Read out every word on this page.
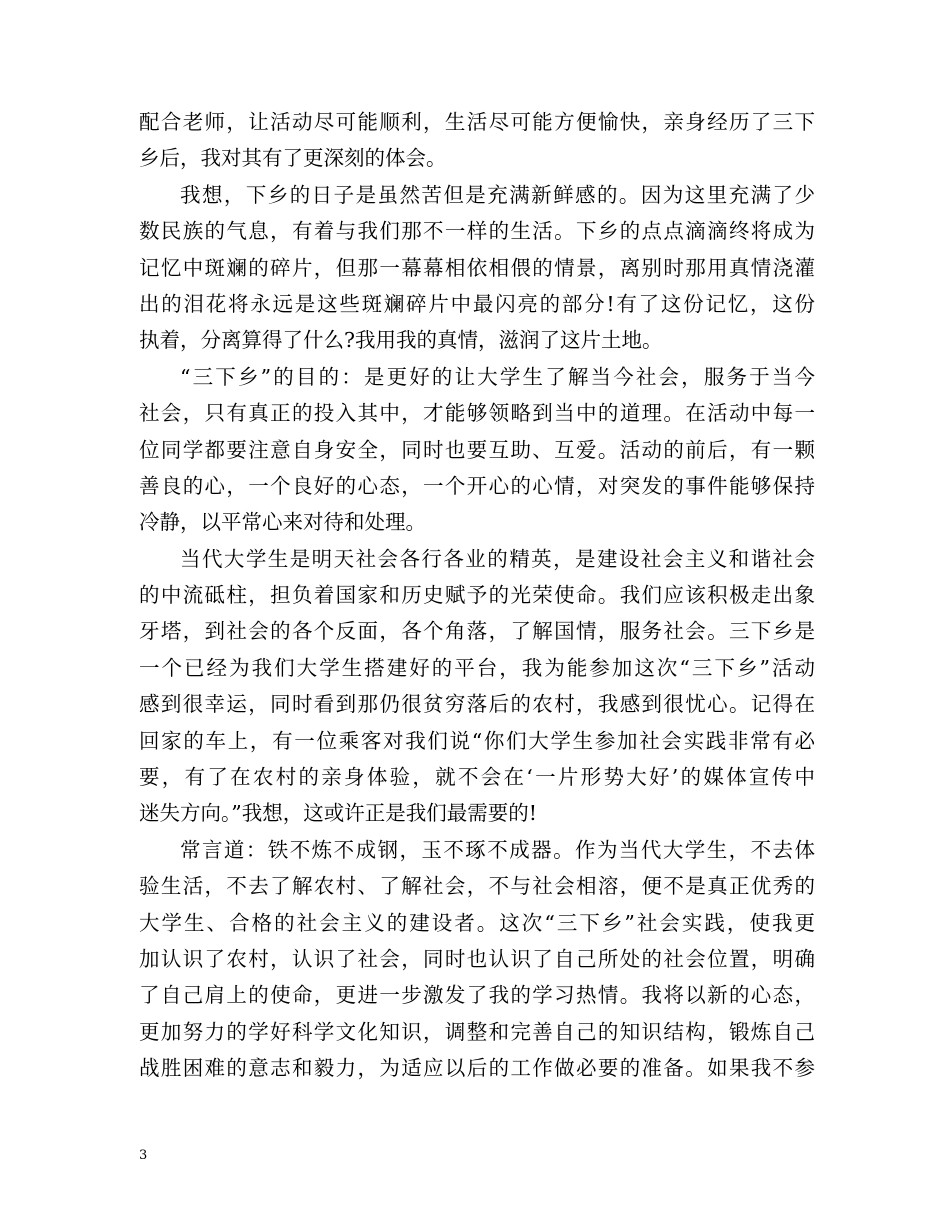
配合老师，让活动尽可能顺利，生活尽可能方便愉快，亲身经历了三下
乡后，我对其有了更深刻的体会。

我想，下乡的日子是虽然苦但是充满新鲜感的。因为这里充满了少
数民族的气息，有着与我们那不一样的生活。下乡的点点滴滴终将成为
记忆中斑斓的碎片，但那一幕幕相依相偎的情景，离别时那用真情浇灌
出的泪花将永远是这些斑斓碎片中最闪亮的部分!有了这份记忆，这份
执着，分离算得了什么?我用我的真情，滋润了这片土地。

“三下乡”的目的：是更好的让大学生了解当今社会，服务于当今
社会，只有真正的投入其中，才能够领略到当中的道理。在活动中每一
位同学都要注意自身安全，同时也要互助、互爱。活动的前后，有一颗
善良的心，一个良好的心态，一个开心的心情，对突发的事件能够保持
冷静，以平常心来对待和处理。

当代大学生是明天社会各行各业的精英，是建设社会主义和谐社会
的中流砥柱，担负着国家和历史赋予的光荣使命。我们应该积极走出象
牙塔，到社会的各个反面，各个角落，了解国情，服务社会。三下乡是
一个已经为我们大学生搭建好的平台，我为能参加这次“三下乡”活动
感到很幸运，同时看到那仍很贫穷落后的农村，我感到很忧心。记得在
回家的车上，有一位乘客对我们说“你们大学生参加社会实践非常有必
要，有了在农村的亲身体验，就不会在‘一片形势大好’的媒体宣传中
迷失方向。”我想，这或许正是我们最需要的!

常言道：铁不炼不成钢，玉不琢不成器。作为当代大学生，不去体
验生活，不去了解农村、了解社会，不与社会相溶，便不是真正优秀的
大学生、合格的社会主义的建设者。这次“三下乡”社会实践，使我更
加认识了农村，认识了社会，同时也认识了自己所处的社会位置，明确
了自己肩上的使命，更进一步激发了我的学习热情。我将以新的心态，
更加努力的学好科学文化知识，调整和完善自己的知识结构，锻炼自己
战胜困难的意志和毅力，为适应以后的工作做必要的准备。如果我不参

3
